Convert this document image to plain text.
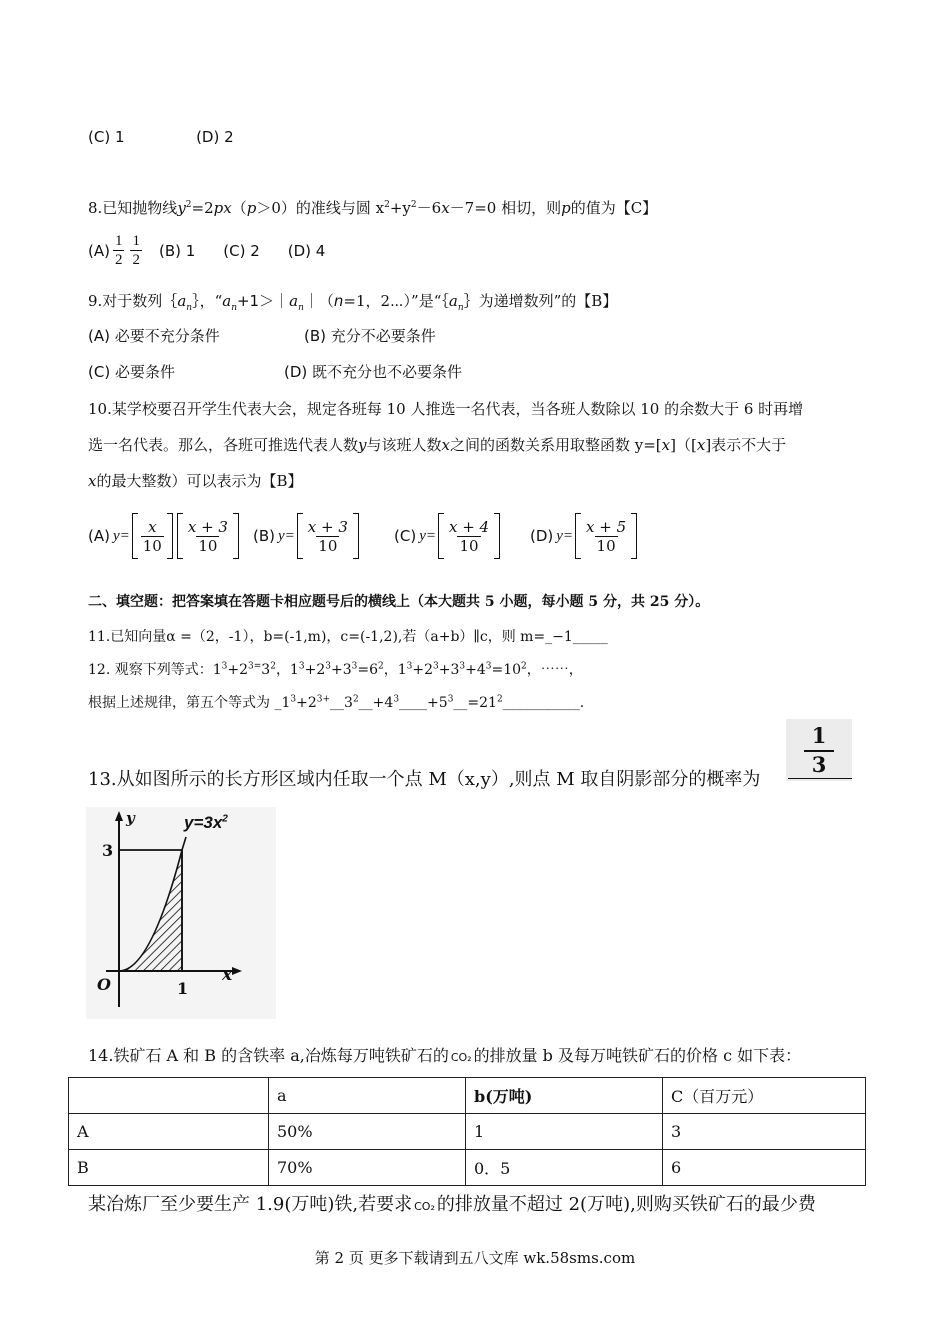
(C) 1	(D) 2
8.已知抛物线$y^2=2px(p>0)$的准线与圆 $x^2+y^2-6x-7=0$ 相切，则p的值为【C】
$(A) \frac{1}{2} \frac{1}{2} (B)$ 1 (C) 2 (D) 4
9.对于数列$\{a_n\}$，“$a_n+1>|a_n|(n=1$，2⋯）”是“$\{a_n\}$为递增数列”的【B】
(A) 必要不充分条件	(B) 充分不必要条件
(C) 必要条件	(D) 既不充分也不必要条件
10.某学校要召开学生代表大会，规定各班每 10 人推选一名代表，当各班人数除以 10 的余数大于 6 时再增
选一名代表。那么，各班可推选代表人数y与该班人数x之间的函数关系用取整函数 y=[x]（[x]表示不大于
x的最大整数）可以表示为【B】
(A) $y= \frac{x}{10} \frac{x + 3}{10} (B)$ $y= \frac{x + 3}{10}$	(C) $y= \frac{x + 4}{10}$	(D) $y= \frac{x + 5}{10}$
二、填空题：把答案填在答题卡相应题号后的横线上（本大题共 5 小题，每小题 5 分，共 25 分）。
11.已知向量α =（2，-1），b=(-1,m)，c=(-1,2),若（a+b）∥c，则 m=_−1_____
12. 观察下列等式：$1^3+2^{3=}3^2$，$1^3+2^3+3^3=6^2$，$1^3+2^3+3^3+4^3=10^2$，⋯⋯，
根据上述规律，第五个等式为 $\_1^3+2^{3+}\_\_3^2\_\_+4^3\_\_\_\_+5^3\_\_=21^2\_\_\_\_\_\_\_\_\_\_\_$.
13.从如图所示的长方形区域内任取一个点 M（x,y）,则点 M 取自阴影部分的概率为
1
3
y	$y=3x^2$
3
O	1
x
14.铁矿石 A 和 B 的含铁率 a,冶炼每万吨铁矿石的 CO₂ 的排放量 b 及每万吨铁矿石的价格 c 如下表：
	a	b(万吨)	C（百万元）
A	50%	1	3
B	70%	0．5	6
某冶炼厂至少要生产 1.9(万吨)铁,若要求 CO₂ 的排放量不超过 2(万吨),则购买铁矿石的最少费
第 2 页 更多下载请到五八文库 wk.58sms.com
